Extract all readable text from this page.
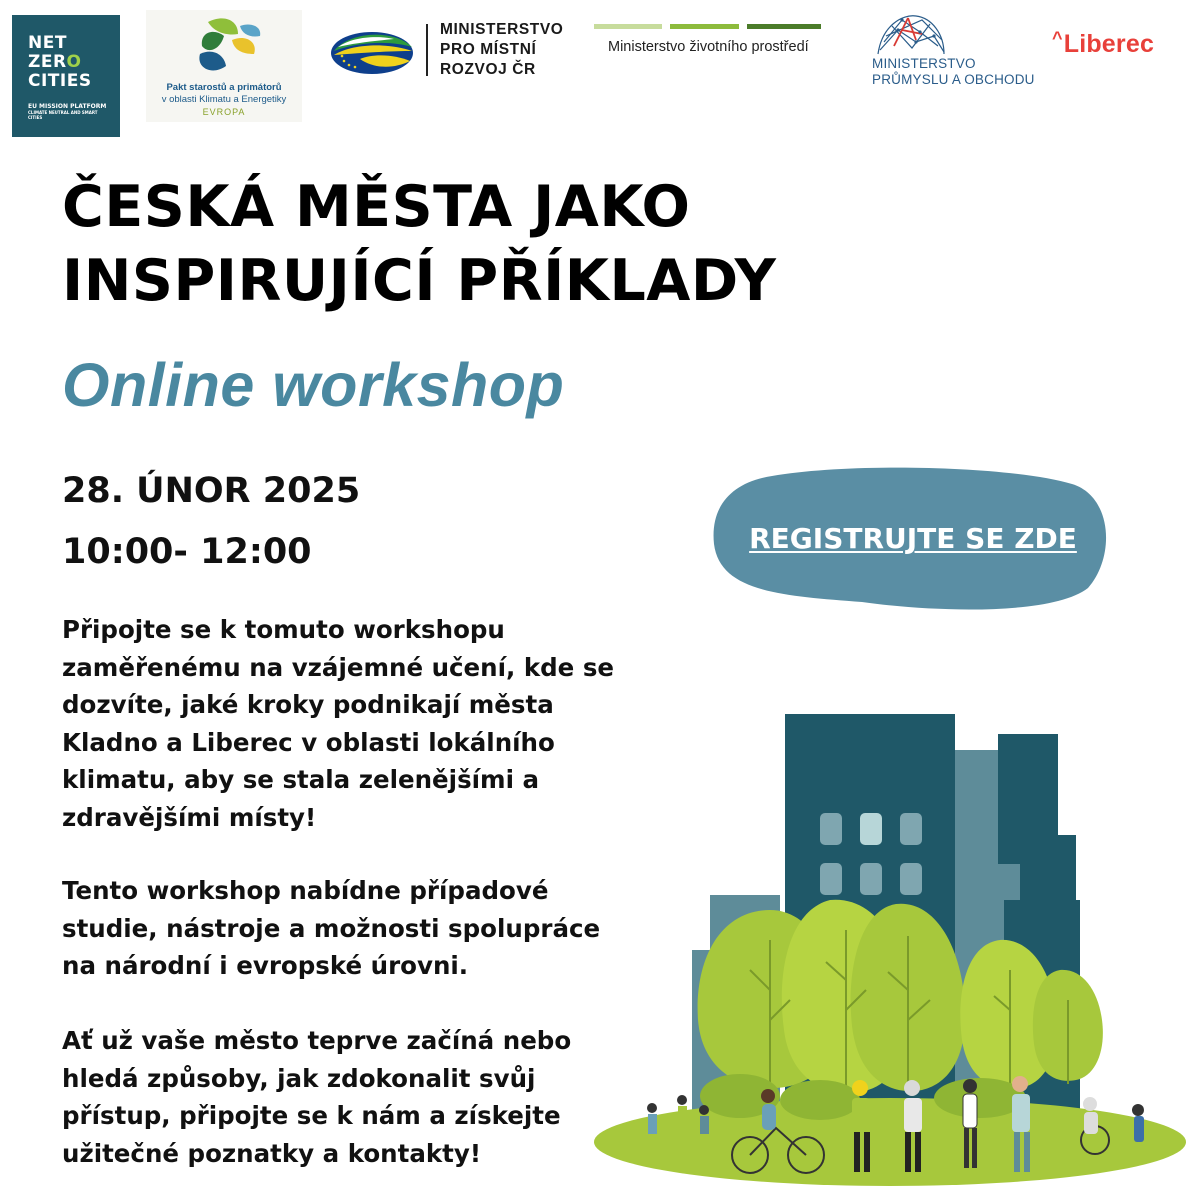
NET
ZERO
CITIES
EU MISSION PLATFORM
CLIMATE NEUTRAL AND SMART CITIES
Pakt starostů a primátorů
v oblasti Klimatu a Energetiky
EVROPA
MINISTERSTVO
PRO MÍSTNÍ
ROZVOJ ČR
Ministerstvo životního prostředí
MINISTERSTVO
PRŮMYSLU A OBCHODU
^Liberec
ČESKÁ MĚSTA JAKO
INSPIRUJÍCÍ PŘÍKLADY
Online workshop
28. ÚNOR 2025
10:00- 12:00	REGISTRUJTE SE ZDE
Připojte se k tomuto workshopu
zaměřenému na vzájemné učení, kde se
dozvíte, jaké kroky podnikají města
Kladno a Liberec v oblasti lokálního
klimatu, aby se stala zelenějšími a
zdravějšími místy!
Tento workshop nabídne případové
studie, nástroje a možnosti spolupráce
na národní i evropské úrovni.
Ať už vaše město teprve začíná nebo
hledá způsoby, jak zdokonalit svůj
přístup, připojte se k nám a získejte
užitečné poznatky a kontakty!
